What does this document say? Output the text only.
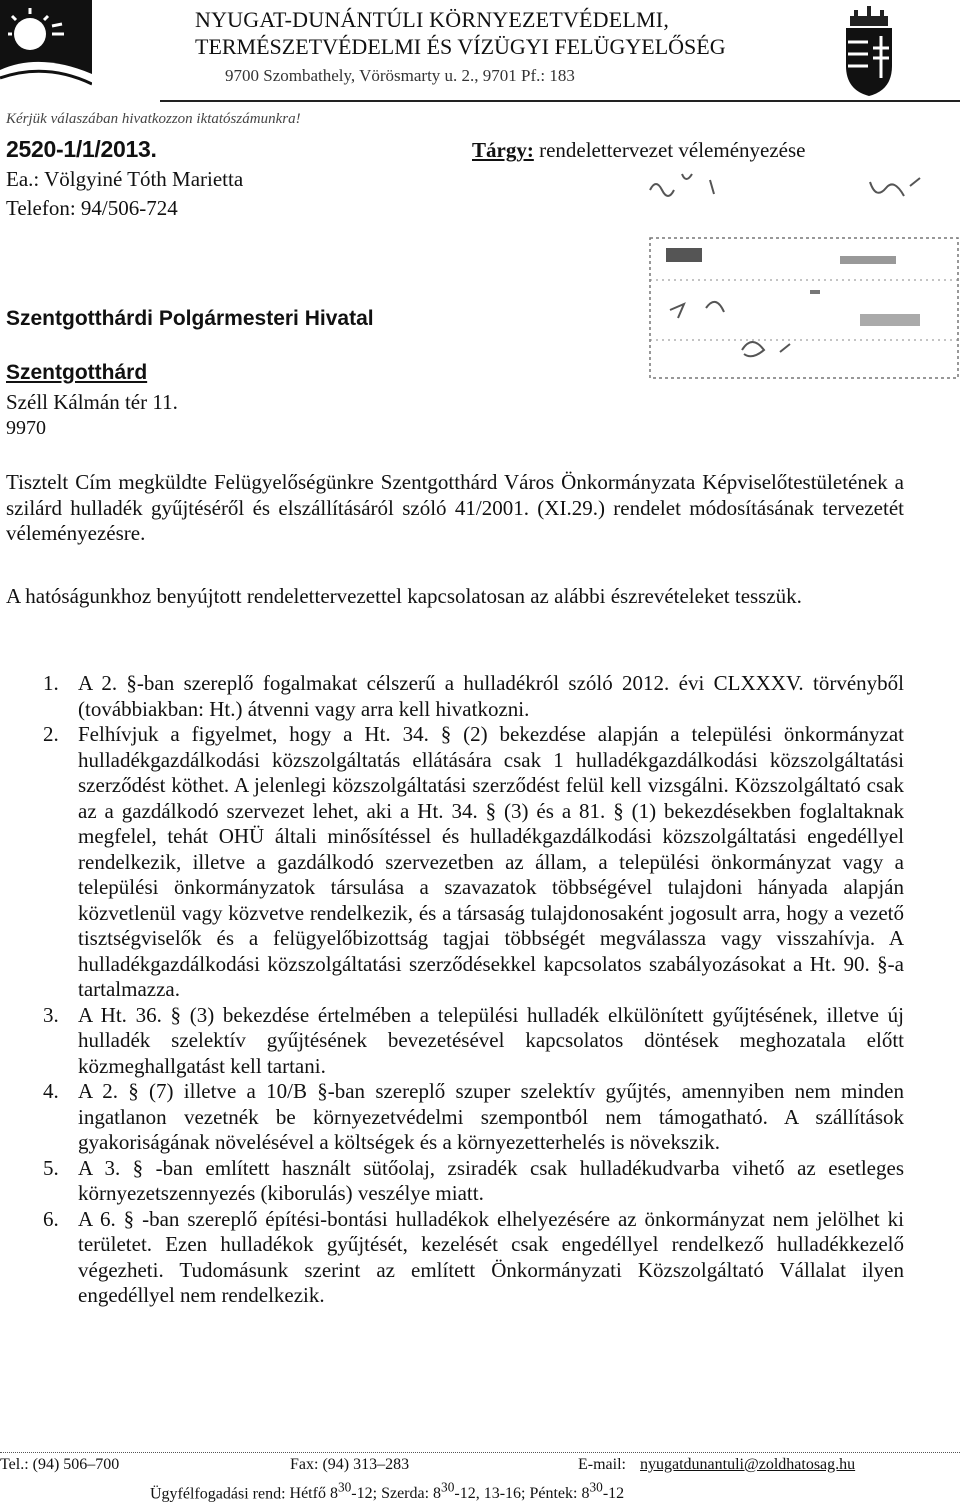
NYUGAT-DUNÁNTÚLI KÖRNYEZETVÉDELMI,
TERMÉSZETVÉDELMI ÉS VÍZÜGYI FELÜGYELŐSÉG
9700 Szombathely, Vörösmarty u. 2., 9701 Pf.: 183
Kérjük válaszában hivatkozzon iktatószámunkra!
2520-1/1/2013.	Tárgy: rendelettervezet véleményezése
Ea.: Völgyiné Tóth Marietta
Telefon: 94/506-724
Szentgotthárdi Polgármesteri Hivatal
Szentgotthárd
Széll Kálmán tér 11.
9970
Tisztelt Cím megküldte Felügyelőségünkre Szentgotthárd Város Önkormányzata Képviselőtestületének a szilárd hulladék gyűjtéséről és elszállításáról szóló 41/2001. (XI.29.) rendelet módosításának tervezetét véleményezésre.
A hatóságunkhoz benyújtott rendelettervezettel kapcsolatosan az alábbi észrevételeket tesszük.
1. A 2. §-ban szereplő fogalmakat célszerű a hulladékról szóló 2012. évi CLXXXV. törvényből (továbbiakban: Ht.) átvenni vagy arra kell hivatkozni.
2. Felhívjuk a figyelmet, hogy a Ht. 34. § (2) bekezdése alapján a települési önkormányzat hulladékgazdálkodási közszolgáltatás ellátására csak 1 hulladékgazdálkodási közszolgáltatási szerződést köthet. A jelenlegi közszolgáltatási szerződést felül kell vizsgálni. Közszolgáltató csak az a gazdálkodó szervezet lehet, aki a Ht. 34. § (3) és a 81. § (1) bekezdésekben foglaltaknak megfelel, tehát OHÜ általi minősítéssel és hulladékgazdálkodási közszolgáltatási engedéllyel rendelkezik, illetve a gazdálkodó szervezetben az állam, a települési önkormányzat vagy a települési önkormányzatok társulása a szavazatok többségével tulajdoni hányada alapján közvetlenül vagy közvetve rendelkezik, és a társaság tulajdonosaként jogosult arra, hogy a vezető tisztségviselők és a felügyelőbizottság tagjai többségét megválassza vagy visszahívja. A hulladékgazdálkodási közszolgáltatási szerződésekkel kapcsolatos szabályozásokat a Ht. 90. §-a tartalmazza.
3. A Ht. 36. § (3) bekezdése értelmében a települési hulladék elkülönített gyűjtésének, illetve új hulladék szelektív gyűjtésének bevezetésével kapcsolatos döntések meghozatala előtt közmeghallgatást kell tartani.
4. A 2. § (7) illetve a 10/B §-ban szereplő szuper szelektív gyűjtés, amennyiben nem minden ingatlanon vezetnék be környezetvédelmi szempontból nem támogatható. A szállítások gyakoriságának növelésével a költségek és a környezetterhelés is növekszik.
5. A 3. § -ban említett használt sütőolaj, zsiradék csak hulladékudvarba vihető az esetleges környezetszennyezés (kiborulás) veszélye miatt.
6. A 6. § -ban szereplő építési-bontási hulladékok elhelyezésére az önkormányzat nem jelölhet ki területet. Ezen hulladékok gyűjtését, kezelését csak engedéllyel rendelkező hulladékkezelő végezheti. Tudomásunk szerint az említett Önkormányzati Közszolgáltató Vállalat ilyen engedéllyel nem rendelkezik.
Tel.: (94) 506–700	Fax: (94) 313–283	E-mail: nyugatdunantuli@zoldhatosag.hu
Ügyfélfogadási rend: Hétfő $8^{30}-12$; Szerda: $8^{30}-12$, 13-16; Péntek: $8^{30}-12$
